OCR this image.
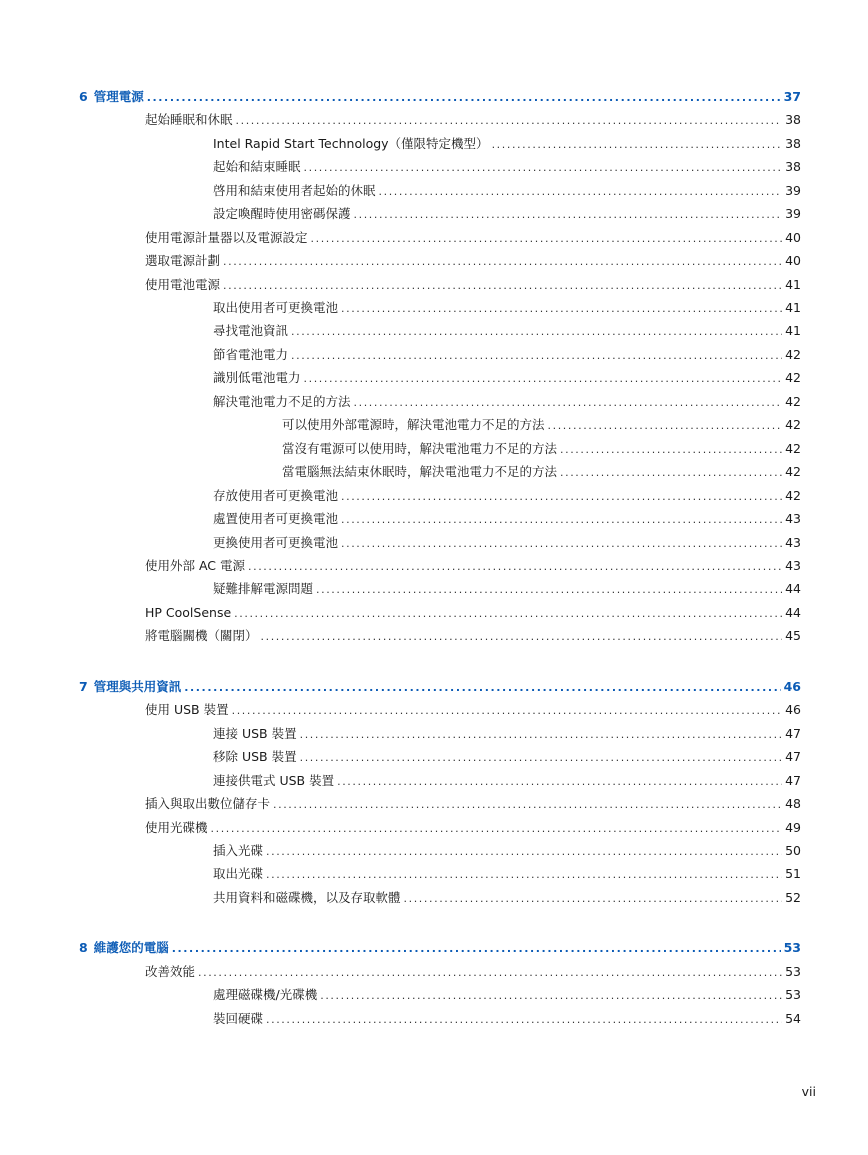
6 管理電源 .....	37
起始睡眠和休眠 .....	38
Intel Rapid Start Technology（僅限特定機型） .....	38
起始和結束睡眠 .....	38
啓用和結束使用者起始的休眠 .....	39
設定喚醒時使用密碼保護 .....	39
使用電源計量器以及電源設定 .....	40
選取電源計劃 .....	40
使用電池電源 .....	41
取出使用者可更換電池 .....	41
尋找電池資訊 .....	41
節省電池電力 .....	42
識別低電池電力 .....	42
解決電池電力不足的方法 .....	42
可以使用外部電源時，解決電池電力不足的方法 .....	42
當沒有電源可以使用時，解決電池電力不足的方法 .....	42
當電腦無法結束休眠時，解決電池電力不足的方法 .....	42
存放使用者可更換電池 .....	42
處置使用者可更換電池 .....	43
更換使用者可更換電池 .....	43
使用外部 AC 電源 .....	43
疑難排解電源問題 .....	44
HP CoolSense .....	44
將電腦關機（關閉） .....	45
7 管理與共用資訊 .....	46
使用 USB 裝置 .....	46
連接 USB 裝置 .....	47
移除 USB 裝置 .....	47
連接供電式 USB 裝置 .....	47
插入與取出數位儲存卡 .....	48
使用光碟機 .....	49
插入光碟 .....	50
取出光碟 .....	51
共用資料和磁碟機，以及存取軟體 .....	52
8 維護您的電腦 .....	53
改善效能 .....	53
處理磁碟機/光碟機 .....	53
裝回硬碟 .....	54
vii
